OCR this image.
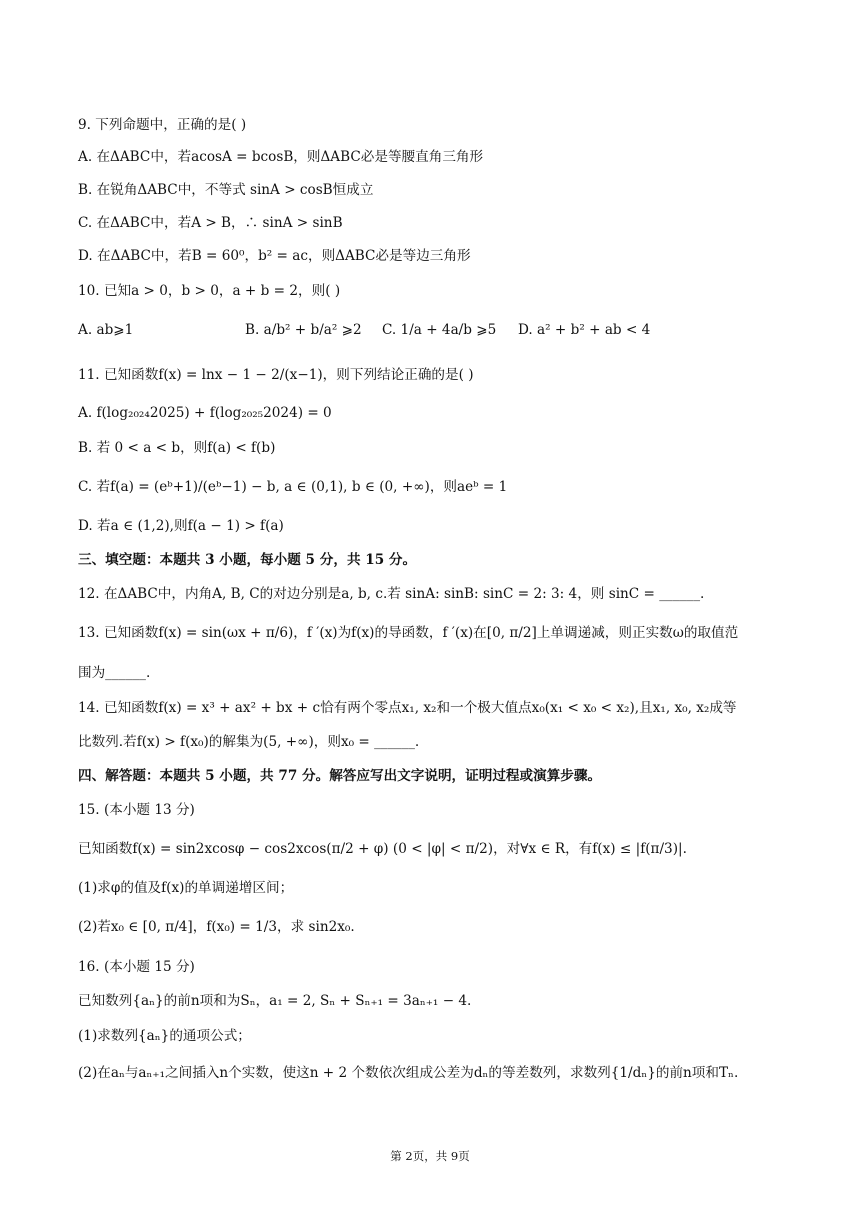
9. 下列命题中，正确的是( )
A. 在ΔABC中，若acosA = bcosB，则ΔABC必是等腰直角三角形
B. 在锐角ΔABC中，不等式 sinA > cosB恒成立
C. 在ΔABC中，若A > B，∴ sinA > sinB
D. 在ΔABC中，若B = 60⁰，b² = ac，则ΔABC必是等边三角形
10. 已知a > 0，b > 0，a + b = 2，则( )
11. 已知函数f(x) = lnx − 1 − 2/(x−1)，则下列结论正确的是( )
A. f(log₂₀₂₄2025) + f(log₂₀₂₅2024) = 0
B. 若 0 < a < b，则f(a) < f(b)
C. 若f(a) = (eᵇ+1)/(eᵇ−1) − b, a ∈ (0,1), b ∈ (0, +∞)，则aeᵇ = 1
D. 若a ∈ (1,2),则f(a − 1) > f(a)
三、填空题：本题共 3 小题，每小题 5 分，共 15 分。
12. 在ΔABC中，内角A, B, C的对边分别是a, b, c.若 sinA: sinB: sinC = 2: 3: 4，则 sinC = ______.
13. 已知函数f(x) = sin(ωx + π/6)，f ′(x)为f(x)的导函数，f ′(x)在[0, π/2]上单调递减，则正实数ω的取值范
围为______.
14. 已知函数f(x) = x³ + ax² + bx + c恰有两个零点x₁, x₂和一个极大值点x₀(x₁ < x₀ < x₂),且x₁, x₀, x₂成等
比数列.若f(x) > f(x₀)的解集为(5, +∞)，则x₀ = ______.
四、解答题：本题共 5 小题，共 77 分。解答应写出文字说明，证明过程或演算步骤。
15. (本小题 13 分)
已知函数f(x) = sin2xcosφ − cos2xcos(π/2 + φ) (0 < |φ| < π/2)，对∀x ∈ R，有f(x) ≤ |f(π/3)|.
(1)求φ的值及f(x)的单调递增区间；
(2)若x₀ ∈ [0, π/4]，f(x₀) = 1/3，求 sin2x₀.
16. (本小题 15 分)
已知数列{aₙ}的前n项和为Sₙ，a₁ = 2, Sₙ + Sₙ₊₁ = 3aₙ₊₁ − 4.
(1)求数列{aₙ}的通项公式；
(2)在aₙ与aₙ₊₁之间插入n个实数，使这n + 2 个数依次组成公差为dₙ的等差数列，求数列{1/dₙ}的前n项和Tₙ.
A. ab⩾1	B. a/b² + b/a² ⩾2 C. 1/a + 4a/b ⩾5 D. a² + b² + ab < 4
第 2页，共 9页
